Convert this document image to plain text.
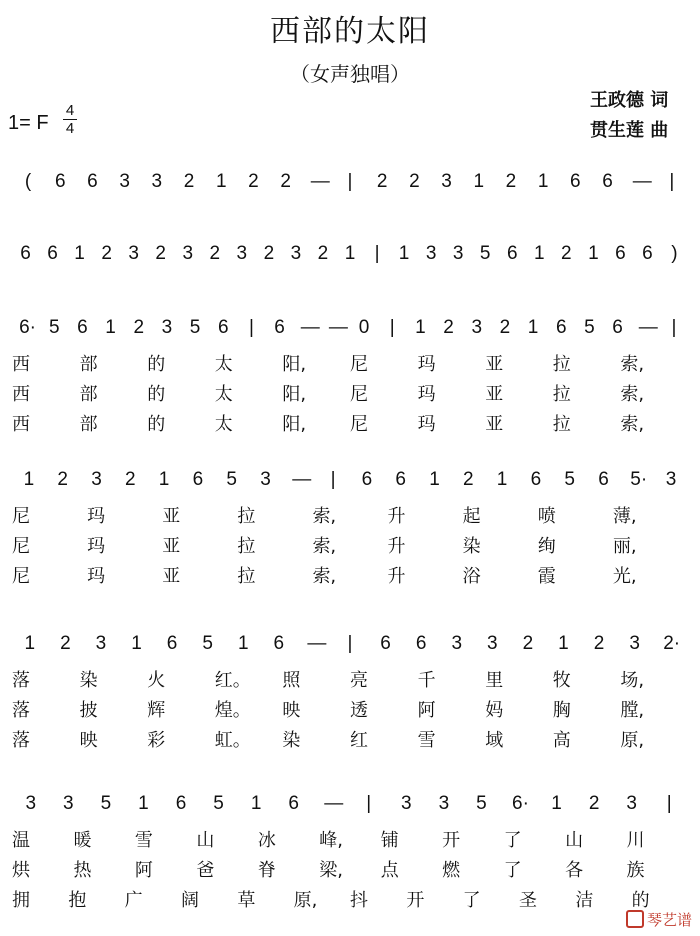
西部的太阳
（女声独唱）
王政德 词
贯生莲 曲
1= F
4
4
( 6 6 3 3 2 1 2 2 — | 2 2 3 1 2 1 6 6 — |
6 6 1 2 3 2 3 2 3 2 3 2 1 | 1 3 3 5 6 1 2 1 6 6 )
6· 5 6 1 2 3 5 6 | 6 — — 0 | 1 2 3 2 1 6 5 6 — |
西	部	的	太	阳, 尼	玛	亚	拉	索,
西	部	的	太	阳, 尼	玛	亚	拉	索,
西	部	的	太	阳, 尼	玛	亚	拉	索,
1 2 3 2 1 6 5 3 — | 6 6 1 2 1 6 5 6 5· 3
尼	玛	亚	拉	索,	升	起	喷	薄,
尼	玛	亚	拉	索,	升	染	绚	丽,
尼	玛	亚	拉	索,	升	浴	霞	光,
1 2 3 1 6 5 1 6 — | 6 6 3 3 2 1 2 3 2·
落	染	火	红。 照	亮	千	里	牧	场,
落	披	辉	煌。 映	透	阿	妈	胸	膛,
落	映	彩	虹。 染	红	雪	域	高	原,
3 3 5 1 6 5 1 6 — | 3 3 5 6· 1 2 3 |
温 暖 雪 山 冰 峰, 铺 开 了 山 川
烘 热 阿 爸 脊 梁, 点 燃 了 各 族
拥 抱 广 阔 草 原, 抖 开 了 圣 洁 的
琴艺谱
